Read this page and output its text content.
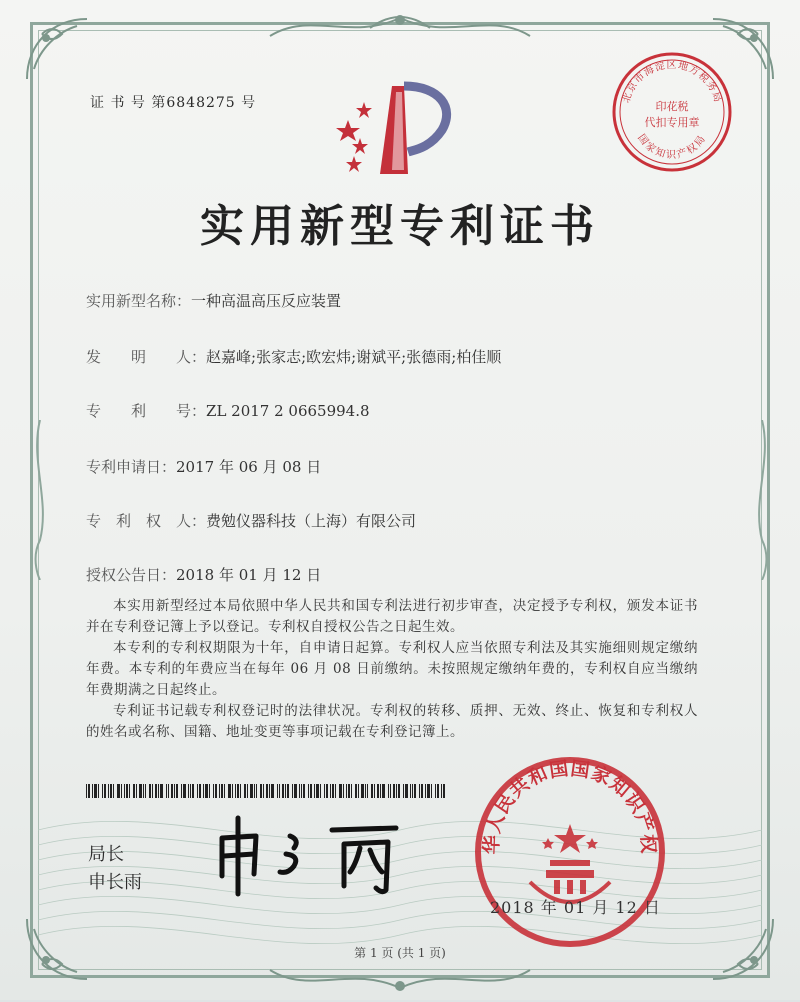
证 书 号 第6848275 号	北京市海淀区地方税务局
印花税
代扣专用章
国家知识产权局
实用新型专利证书
实用新型名称：一种高温高压反应装置
发　　明　　人：赵嘉峰;张家志;欧宏炜;谢斌平;张德雨;柏佳顺
专　　利　　号：ZL 2017 2 0665994.8
专利申请日：2017 年 06 月 08 日
专　利　权　人：费勉仪器科技（上海）有限公司
授权公告日：2018 年 01 月 12 日

本实用新型经过本局依照中华人民共和国专利法进行初步审查，决定授予专利权，颁发本证书并在专利登记簿上予以登记。专利权自授权公告之日起生效。

本专利的专利权期限为十年，自申请日起算。专利权人应当依照专利法及其实施细则规定缴纳年费。本专利的年费应当在每年 06 月 08 日前缴纳。未按照规定缴纳年费的，专利权自应当缴纳年费期满之日起终止。

专利证书记载专利权登记时的法律状况。专利权的转移、质押、无效、终止、恢复和专利权人的姓名或名称、国籍、地址变更等事项记载在专利登记簿上。

局长
申长雨
华人民共和国国家知识产权
2018 年 01 月 12 日
第 1 页 (共 1 页)
